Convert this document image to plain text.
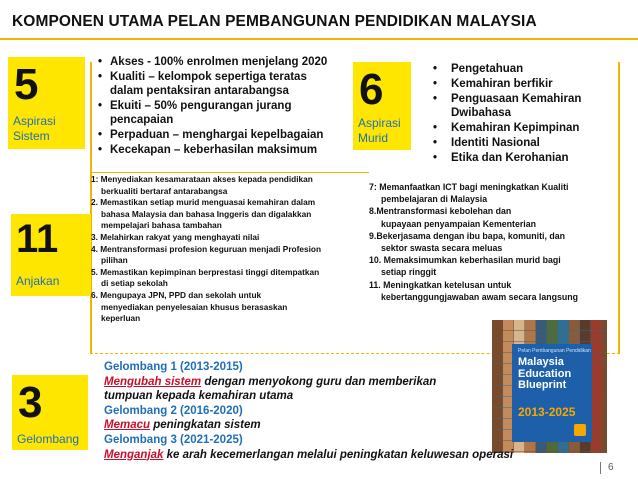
KOMPONEN UTAMA PELAN PEMBANGUNAN PENDIDIKAN MALAYSIA
5
Aspirasi
Sistem
• Akses - 100% enrolmen menjelang 2020
• Kualiti – kelompok sepertiga teratas
dalam pentaksiran antarabangsa
• Ekuiti – 50% pengurangan jurang
pencapaian
• Perpaduan – menghargai kepelbagaian
• Kecekapan – keberhasilan maksimum
6
Aspirasi
Murid
• Pengetahuan
• Kemahiran berfikir
• Penguasaan Kemahiran
Dwibahasa
• Kemahiran Kepimpinan
• Identiti Nasional
• Etika dan Kerohanian
11
Anjakan
1: Menyediakan kesamarataan akses kepada pendidikan
berkualiti bertaraf antarabangsa
2. Memastikan setiap murid menguasai kemahiran dalam
bahasa Malaysia dan bahasa Inggeris dan digalakkan
mempelajari bahasa tambahan
3. Melahirkan rakyat yang menghayati nilai
4. Mentransformasi profesion keguruan menjadi Profesion
pilihan
5. Memastikan kepimpinan berprestasi tinggi ditempatkan
di setiap sekolah
6. Mengupaya JPN, PPD dan sekolah untuk
menyediakan penyelesaian khusus berasaskan
keperluan
7: Memanfaatkan ICT bagi meningkatkan Kualiti
pembelajaran di Malaysia
8.Mentransformasi kebolehan dan
kupayaan penyampaian Kementerian
9.Bekerjasama dengan ibu bapa, komuniti, dan
sektor swasta secara meluas
10. Memaksimumkan keberhasilan murid bagi
setiap ringgit
11. Meningkatkan ketelusan untuk
kebertanggungjawaban awam secara langsung
Pelan Pembangunan Pendidikan
Malaysia
Education
Blueprint
2013-2025
3
Gelombang
Gelombang 1 (2013-2015)
Mengubah sistem dengan menyokong guru dan memberikan
tumpuan kepada kemahiran utama
Gelombang 2 (2016-2020)
Memacu peningkatan sistem
Gelombang 3 (2021-2025)
Menganjak ke arah kecemerlangan melalui peningkatan keluwesan operasi
6
